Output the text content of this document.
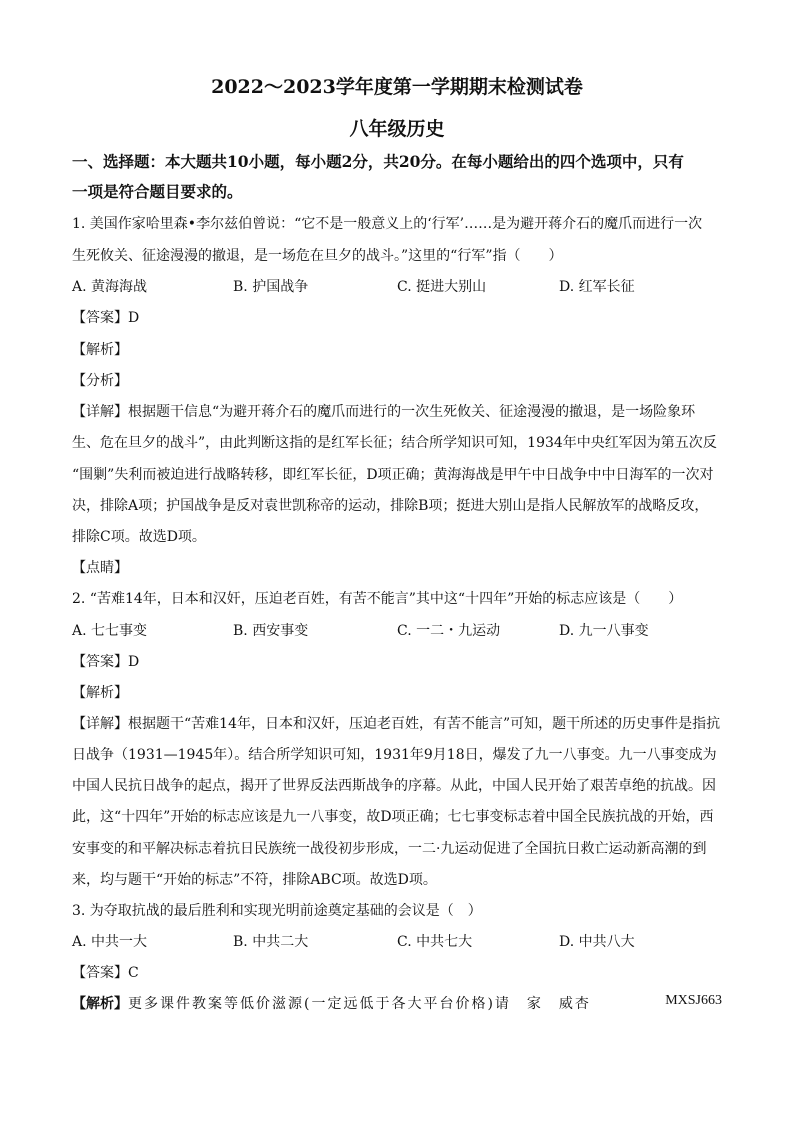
2022～2023学年度第一学期期末检测试卷
八年级历史
一、选择题：本大题共10小题，每小题2分，共20分。在每小题给出的四个选项中，只有
一项是符合题目要求的。
1. 美国作家哈里森•李尔兹伯曾说：“它不是一般意义上的‘行军’……是为避开蒋介石的魔爪而进行一次
生死攸关、征途漫漫的撤退，是一场危在旦夕的战斗。”这里的“行军”指（　　）
A. 黄海海战	B. 护国战争	C. 挺进大别山	D. 红军长征
【答案】D
【解析】
【分析】
【详解】根据题干信息“为避开蒋介石的魔爪而进行的一次生死攸关、征途漫漫的撤退，是一场险象环
生、危在旦夕的战斗”，由此判断这指的是红军长征；结合所学知识可知，1934年中央红军因为第五次反
“围剿”失利而被迫进行战略转移，即红军长征，D项正确；黄海海战是甲午中日战争中中日海军的一次对
决，排除A项；护国战争是反对袁世凯称帝的运动，排除B项；挺进大别山是指人民解放军的战略反攻，
排除C项。故选D项。
【点睛】
2. “苦难14年，日本和汉奸，压迫老百姓，有苦不能言”其中这“十四年”开始的标志应该是（　　）
A. 七七事变	B. 西安事变	C. 一二・九运动	D. 九一八事变
【答案】D
【解析】
【详解】根据题干“苦难14年，日本和汉奸，压迫老百姓，有苦不能言”可知，题干所述的历史事件是指抗
日战争（1931—1945年）。结合所学知识可知，1931年9月18日，爆发了九一八事变。九一八事变成为
中国人民抗日战争的起点，揭开了世界反法西斯战争的序幕。从此，中国人民开始了艰苦卓绝的抗战。因
此，这“十四年”开始的标志应该是九一八事变，故D项正确；七七事变标志着中国全民族抗战的开始，西
安事变的和平解决标志着抗日民族统一战役初步形成，一二·九运动促进了全国抗日救亡运动新高潮的到
来，均与题干“开始的标志”不符，排除ABC项。故选D项。
3. 为夺取抗战的最后胜利和实现光明前途奠定基础的会议是（　）
A. 中共一大	B. 中共二大	C. 中共七大	D. 中共八大
【答案】C
【解析】更多课件教案等低价滋源(一定远低于各大平台价格)请　家　威杏	MXSJ663
